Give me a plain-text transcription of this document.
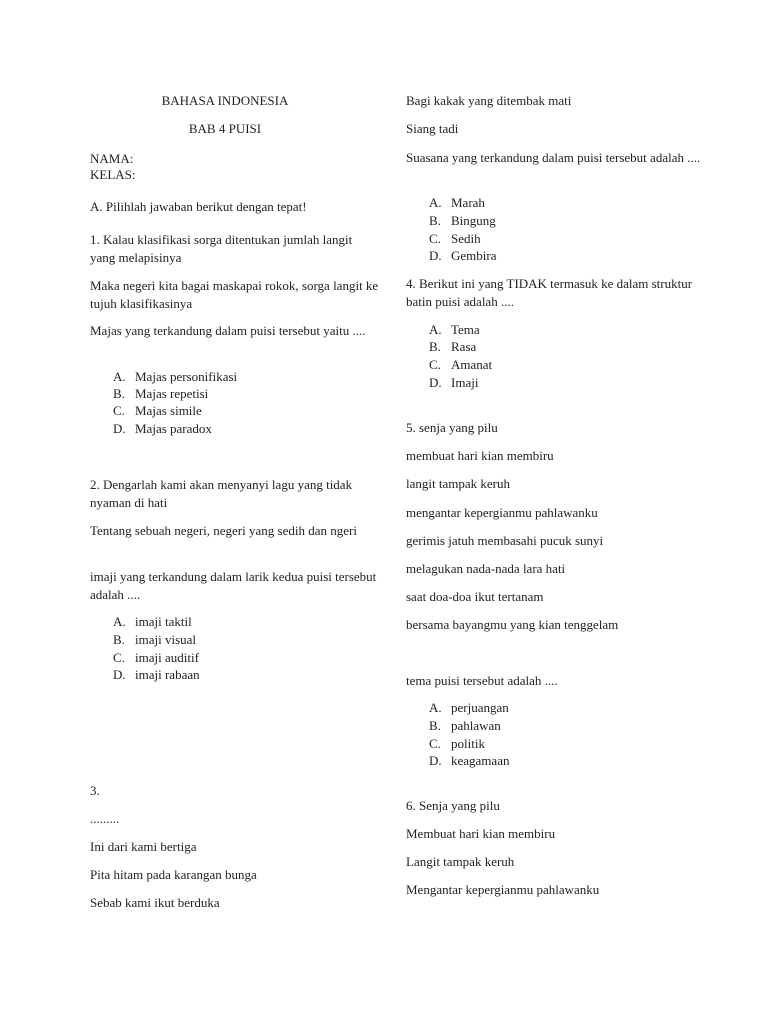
BAHASA INDONESIA
BAB 4 PUISI
NAMA:
KELAS:
A. Pilihlah jawaban berikut dengan tepat!
1. Kalau klasifikasi sorga ditentukan jumlah langit yang melapisinya
Maka negeri kita bagai maskapai rokok, sorga langit ke tujuh klasifikasinya
Majas yang terkandung dalam puisi tersebut yaitu ....
A. Majas personifikasi
B. Majas repetisi
C. Majas simile
D. Majas paradox
2. Dengarlah kami akan menyanyi lagu yang tidak nyaman di hati
Tentang sebuah negeri, negeri yang sedih dan ngeri
imaji yang terkandung dalam larik kedua puisi tersebut adalah ....
A. imaji taktil
B. imaji visual
C. imaji auditif
D. imaji rabaan
3.
.........
Ini dari kami bertiga
Pita hitam pada karangan bunga
Sebab kami ikut berduka
Bagi kakak yang ditembak mati
Siang tadi
Suasana yang terkandung dalam puisi tersebut adalah ....
A. Marah
B. Bingung
C. Sedih
D. Gembira
4. Berikut ini yang TIDAK termasuk ke dalam struktur batin puisi adalah ....
A. Tema
B. Rasa
C. Amanat
D. Imaji
5. senja yang pilu
membuat hari kian membiru
langit tampak keruh
mengantar kepergianmu pahlawanku
gerimis jatuh membasahi pucuk sunyi
melagukan nada-nada lara hati
saat doa-doa ikut tertanam
bersama bayangmu yang kian tenggelam
tema puisi tersebut adalah ....
A. perjuangan
B. pahlawan
C. politik
D. keagamaan
6. Senja yang pilu
Membuat hari kian membiru
Langit tampak keruh
Mengantar kepergianmu pahlawanku
